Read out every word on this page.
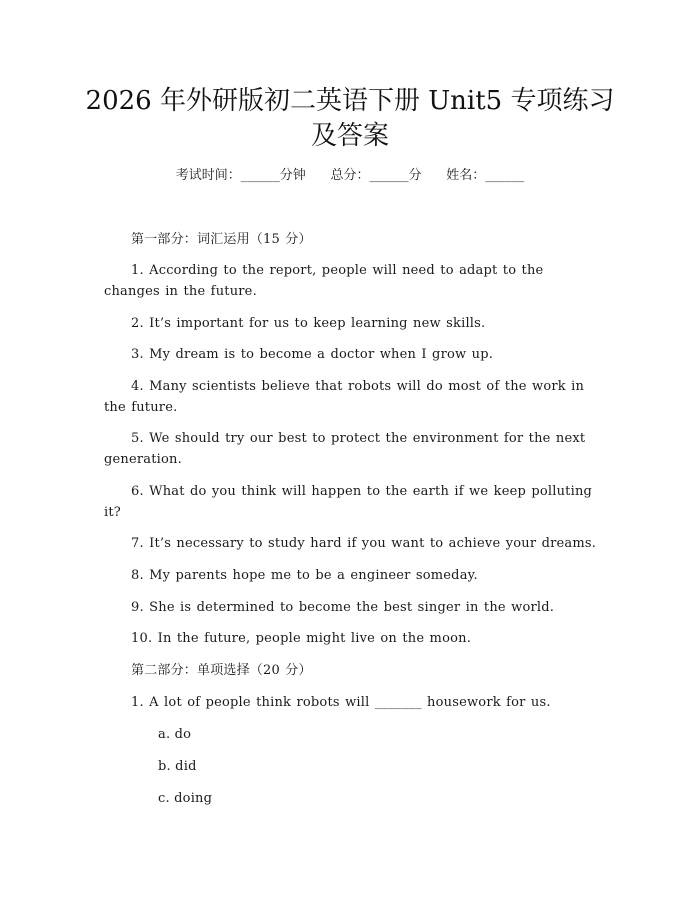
2026 年外研版初二英语下册 Unit5 专项练习
及答案
考试时间：______分钟      总分：______分      姓名：______
第一部分：词汇运用（15 分）
1. According to the report, people will need to adapt to the changes in the future.
2. It’s important for us to keep learning new skills.
3. My dream is to become a doctor when I grow up.
4. Many scientists believe that robots will do most of the work in the future.
5. We should try our best to protect the environment for the next generation.
6. What do you think will happen to the earth if we keep polluting it?
7. It’s necessary to study hard if you want to achieve your dreams.
8. My parents hope me to be a engineer someday.
9. She is determined to become the best singer in the world.
10. In the future, people might live on the moon.
第二部分：单项选择（20 分）
1. A lot of people think robots will _______ housework for us.
a. do
b. did
c. doing
